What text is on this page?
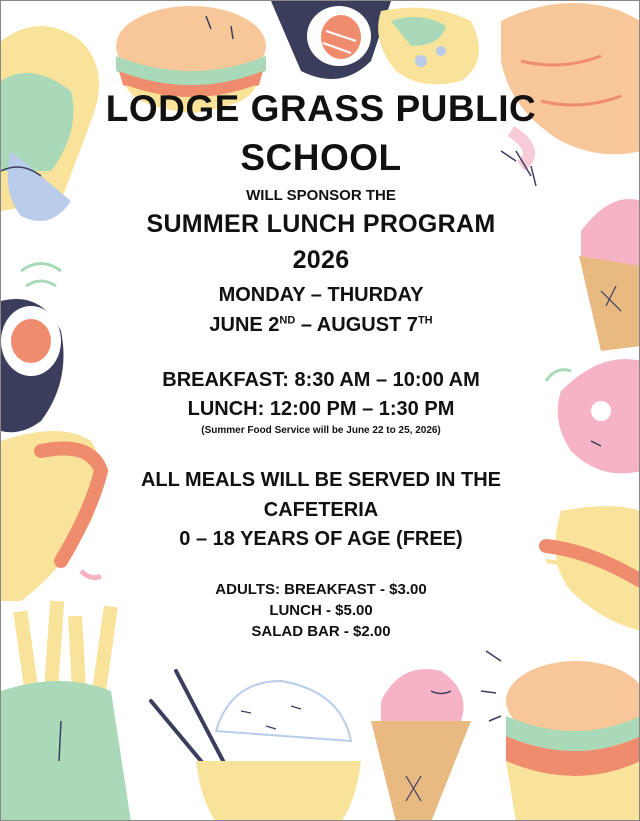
LODGE GRASS PUBLIC
SCHOOL
WILL SPONSOR THE
SUMMER LUNCH PROGRAM
2026
MONDAY – THURDAY
JUNE 2ND – AUGUST 7TH
BREAKFAST: 8:30 AM – 10:00 AM
LUNCH: 12:00 PM – 1:30 PM
(Summer Food Service will be June 22 to 25, 2026)
ALL MEALS WILL BE SERVED IN THE
CAFETERIA
0 – 18 YEARS OF AGE (FREE)
ADULTS: BREAKFAST - $3.00
LUNCH - $5.00
SALAD BAR - $2.00
